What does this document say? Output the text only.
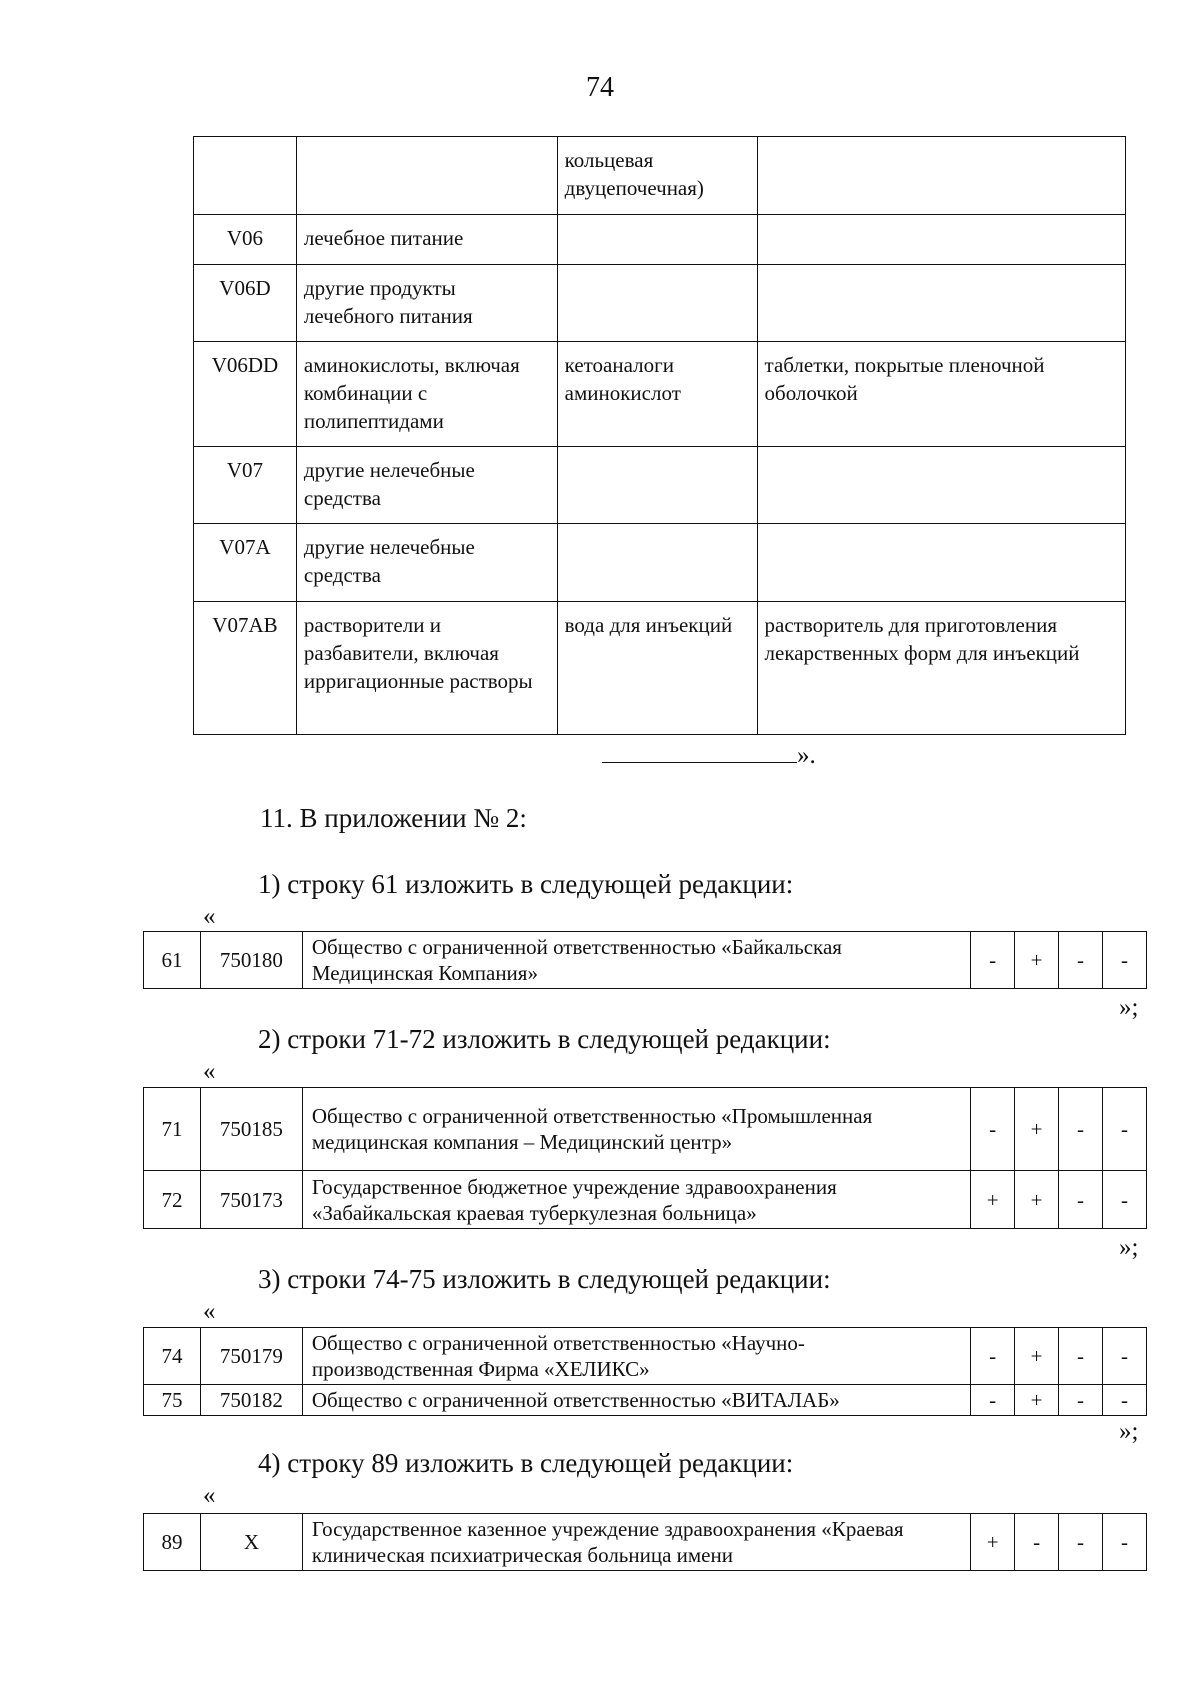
74
		кольцевая двуцепочечная)	
V06	лечебное питание		
V06D	другие продукты лечебного питания		
V06DD	аминокислоты, включая комбинации с полипептидами	кетоаналоги аминокислот	таблетки, покрытые пленочной оболочкой
V07	другие нелечебные средства		
V07A	другие нелечебные средства		
V07AB	растворители и разбавители, включая ирригационные растворы	вода для инъекций	растворитель для приготовления лекарственных форм для инъекций
».
11. В приложении № 2:
1) строку 61 изложить в следующей редакции:
«
61	750180	Общество с ограниченной ответственностью «Байкальская Медицинская Компания»	-	+	-	-
»;
2) строки 71-72 изложить в следующей редакции:
«
71	750185	Общество с ограниченной ответственностью «Промышленная медицинская компания – Медицинский центр»	-	+	-	-
72	750173	Государственное бюджетное учреждение здравоохранения «Забайкальская краевая туберкулезная больница»	+	+	-	-
»;
3) строки 74-75 изложить в следующей редакции:
«
74	750179	Общество с ограниченной ответственностью «Научно-производственная Фирма «ХЕЛИКС»	-	+	-	-
75	750182	Общество с ограниченной ответственностью «ВИТАЛАБ»	-	+	-	-
»;
4) строку 89 изложить в следующей редакции:
«
89	Х	Государственное казенное учреждение здравоохранения «Краевая клиническая психиатрическая больница имени	+	-	-	-
